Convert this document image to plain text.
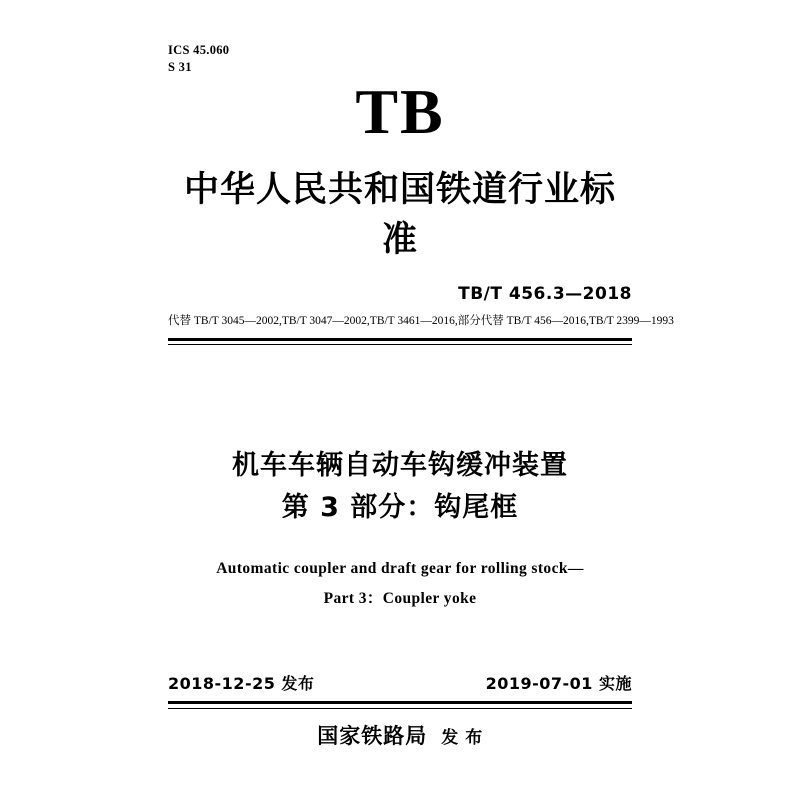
ICS 45.060
S 31
TB
中华人民共和国铁道行业标准
TB/T 456.3—2018
代替 TB/T 3045—2002,TB/T 3047—2002,TB/T 3461—2016,部分代替 TB/T 456—2016,TB/T 2399—1993
机车车辆自动车钩缓冲装置
第 3 部分：钩尾框
Automatic coupler and draft gear for rolling stock—
Part 3：Coupler yoke
2018-12-25 发布	2019-07-01 实施
国家铁路局 发 布
